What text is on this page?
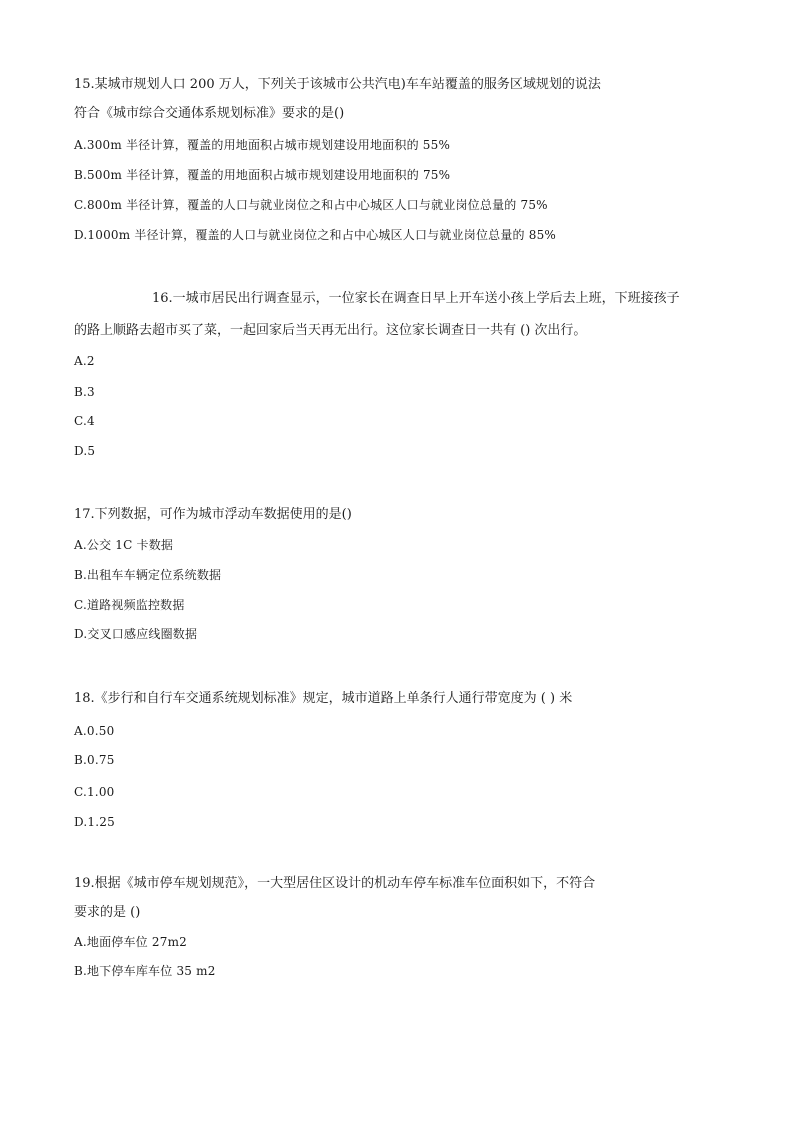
15.某城市规划人口 200 万人，下列关于该城市公共汽电)车车站覆盖的服务区域规划的说法
符合《城市综合交通体系规划标准》要求的是()
A.300m 半径计算，覆盖的用地面积占城市规划建设用地面积的 55%
B.500m 半径计算，覆盖的用地面积占城市规划建设用地面积的 75%
C.800m 半径计算，覆盖的人口与就业岗位之和占中心城区人口与就业岗位总量的 75%
D.1000m 半径计算，覆盖的人口与就业岗位之和占中心城区人口与就业岗位总量的 85%
16.一城市居民出行调查显示，一位家长在调查日早上开车送小孩上学后去上班，下班接孩子
的路上顺路去超市买了菜，一起回家后当天再无出行。这位家长调查日一共有 () 次出行。
A.2
B.3
C.4
D.5
17.下列数据，可作为城市浮动车数据使用的是()
A.公交 1C 卡数据
B.出租车车辆定位系统数据
C.道路视频监控数据
D.交叉口感应线圈数据
18.《步行和自行车交通系统规划标准》规定，城市道路上单条行人通行带宽度为 ( ) 米
A.0.50
B.0.75
C.1.00
D.1.25
19.根据《城市停车规划规范》，一大型居住区设计的机动车停车标准车位面积如下，不符合
要求的是 ()
A.地面停车位 27m2
B.地下停车库车位 35 m2
